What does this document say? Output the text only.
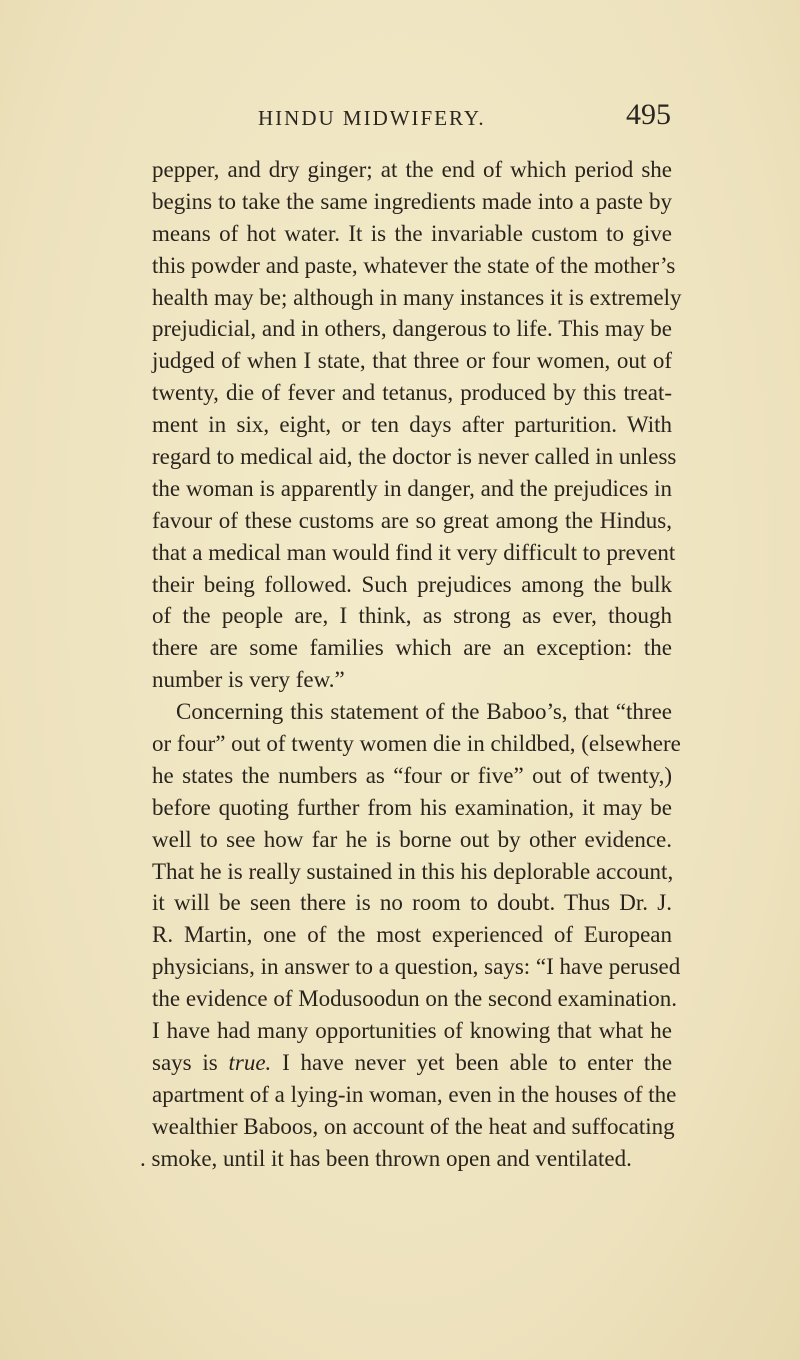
HINDU MIDWIFERY.	495
pepper, and dry ginger; at the end of which period she
begins to take the same ingredients made into a paste by
means of hot water. It is the invariable custom to give
this powder and paste, whatever the state of the mother’s
health may be; although in many instances it is extremely
prejudicial, and in others, dangerous to life. This may be
judged of when I state, that three or four women, out of
twenty, die of fever and tetanus, produced by this treat-
ment in six, eight, or ten days after parturition. With
regard to medical aid, the doctor is never called in unless
the woman is apparently in danger, and the prejudices in
favour of these customs are so great among the Hindus,
that a medical man would find it very difficult to prevent
their being followed. Such prejudices among the bulk
of the people are, I think, as strong as ever, though
there are some families which are an exception: the
number is very few.”
Concerning this statement of the Baboo’s, that “three
or four” out of twenty women die in childbed, (elsewhere
he states the numbers as “four or five” out of twenty,)
before quoting further from his examination, it may be
well to see how far he is borne out by other evidence.
That he is really sustained in this his deplorable account,
it will be seen there is no room to doubt. Thus Dr. J.
R. Martin, one of the most experienced of European
physicians, in answer to a question, says: “I have perused
the evidence of Modusoodun on the second examination.
I have had many opportunities of knowing that what he
says is true. I have never yet been able to enter the
apartment of a lying-in woman, even in the houses of the
wealthier Baboos, on account of the heat and suffocating
. smoke, until it has been thrown open and ventilated.
